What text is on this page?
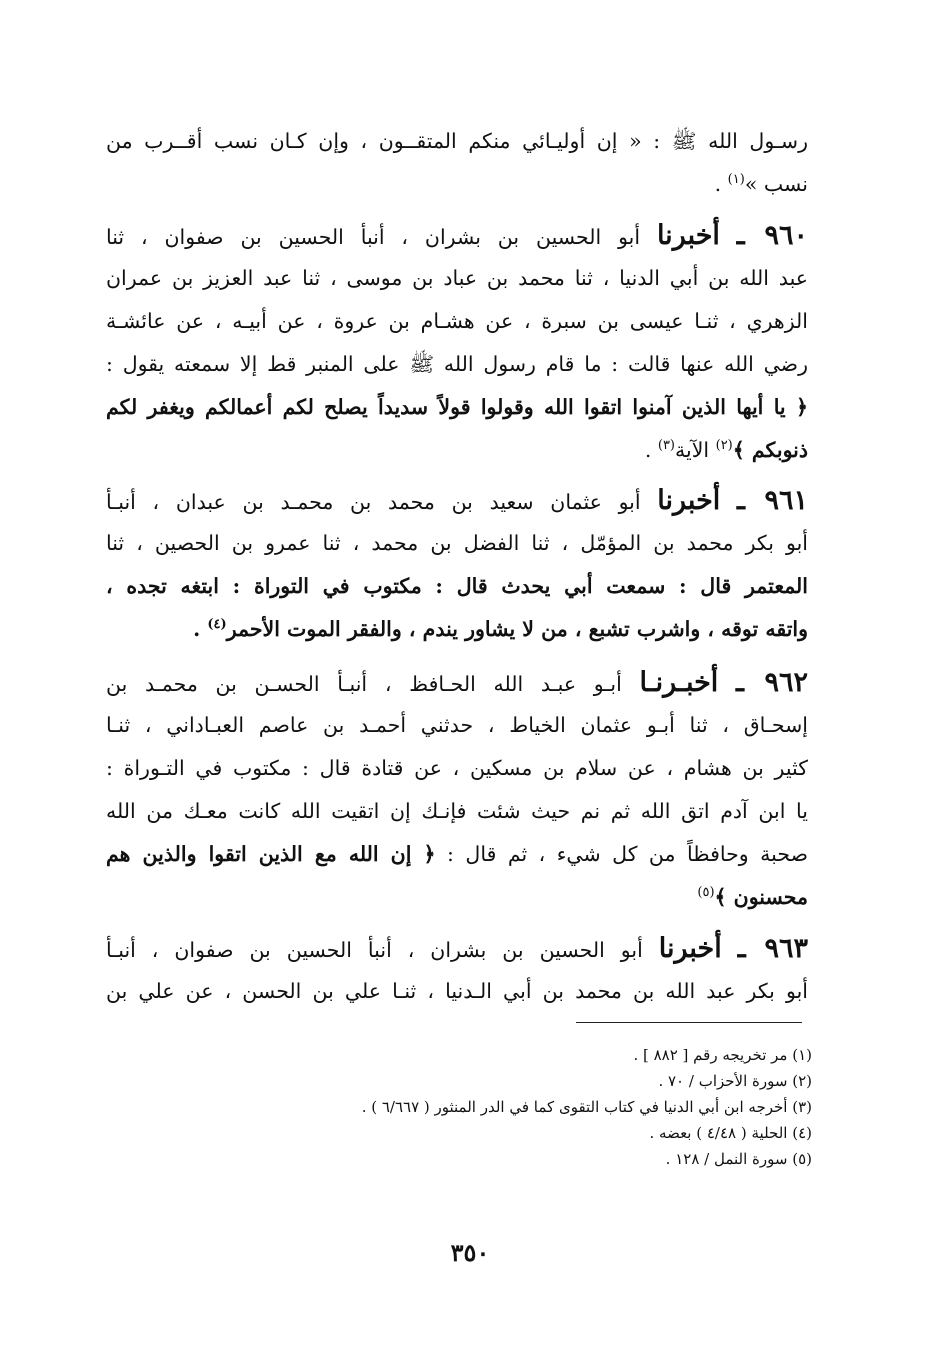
رسـول الله ﷺ : « إن أوليـائي منكم المتقــون ، وإن كـان نسب أقــرب من
نسب »$^{(١)}$ .
٩٦٠ ـ أخبرنا أبو الحسين بن بشران ، أنبأ الحسين بن صفوان ، ثنا
عبد الله بن أبي الدنيا ، ثنا محمد بن عباد بن موسى ، ثنا عبد العزيز بن عمران
الزهري ، ثنـا عيسى بن سبرة ، عن هشـام بن عروة ، عن أبيـه ، عن عائشـة
رضي الله عنها قالت : ما قام رسول الله ﷺ على المنبر قط إلا سمعته يقول :
﴿ يا أيها الذين آمنوا اتقوا الله وقولوا قولاً سديداً يصلح لكم أعمالكم ويغفر لكم
ذنوبكم ﴾$^{(٢)}$ الآية$^{(٣)}$ .
٩٦١ ـ أخبرنا أبو عثمان سعيد بن محمد بن محمـد بن عبدان ، أنبـأ
أبو بكر محمد بن المؤمّل ، ثنا الفضل بن محمد ، ثنا عمرو بن الحصين ، ثنا
المعتمر قال : سمعت أبي يحدث قال : مكتوب في التوراة : ابتغه تجده ،
واتقه توقه ، واشرب تشبع ، من لا يشاور يندم ، والفقر الموت الأحمر$^{(٤)}$ .
٩٦٢ ـ أخبـرنـا أبـو عبـد الله الحـافظ ، أنبـأ الحسـن بن محمـد بن
إسحـاق ، ثنا أبـو عثمان الخياط ، حدثني أحمـد بن عاصم العبـاداني ، ثنـا
كثير بن هشام ، عن سلام بن مسكين ، عن قتادة قال : مكتوب في التـوراة :
يا ابن آدم اتق الله ثم نم حيث شئت فإنـك إن اتقيت الله كانت معـك من الله
صحبة وحافظاً من كل شيء ، ثم قال : ﴿ إن الله مع الذين اتقوا والذين هم
محسنون ﴾$^{(٥)}$
٩٦٣ ـ أخبرنا أبو الحسين بن بشران ، أنبأ الحسين بن صفوان ، أنبـأ
أبو بكر عبد الله بن محمد بن أبي الـدنيا ، ثنـا علي بن الحسن ، عن علي بن
(١) مر تخريجه رقم [ ٨٨٢ ] .
(٢) سورة الأحزاب / ٧٠ .
(٣) أخرجه ابن أبي الدنيا في كتاب التقوى كما في الدر المنثور ( ٦/٦٦٧ ) .
(٤) الحلية ( ٤/٤٨ ) بعضه .
(٥) سورة النمل / ١٢٨ .
٣٥٠
